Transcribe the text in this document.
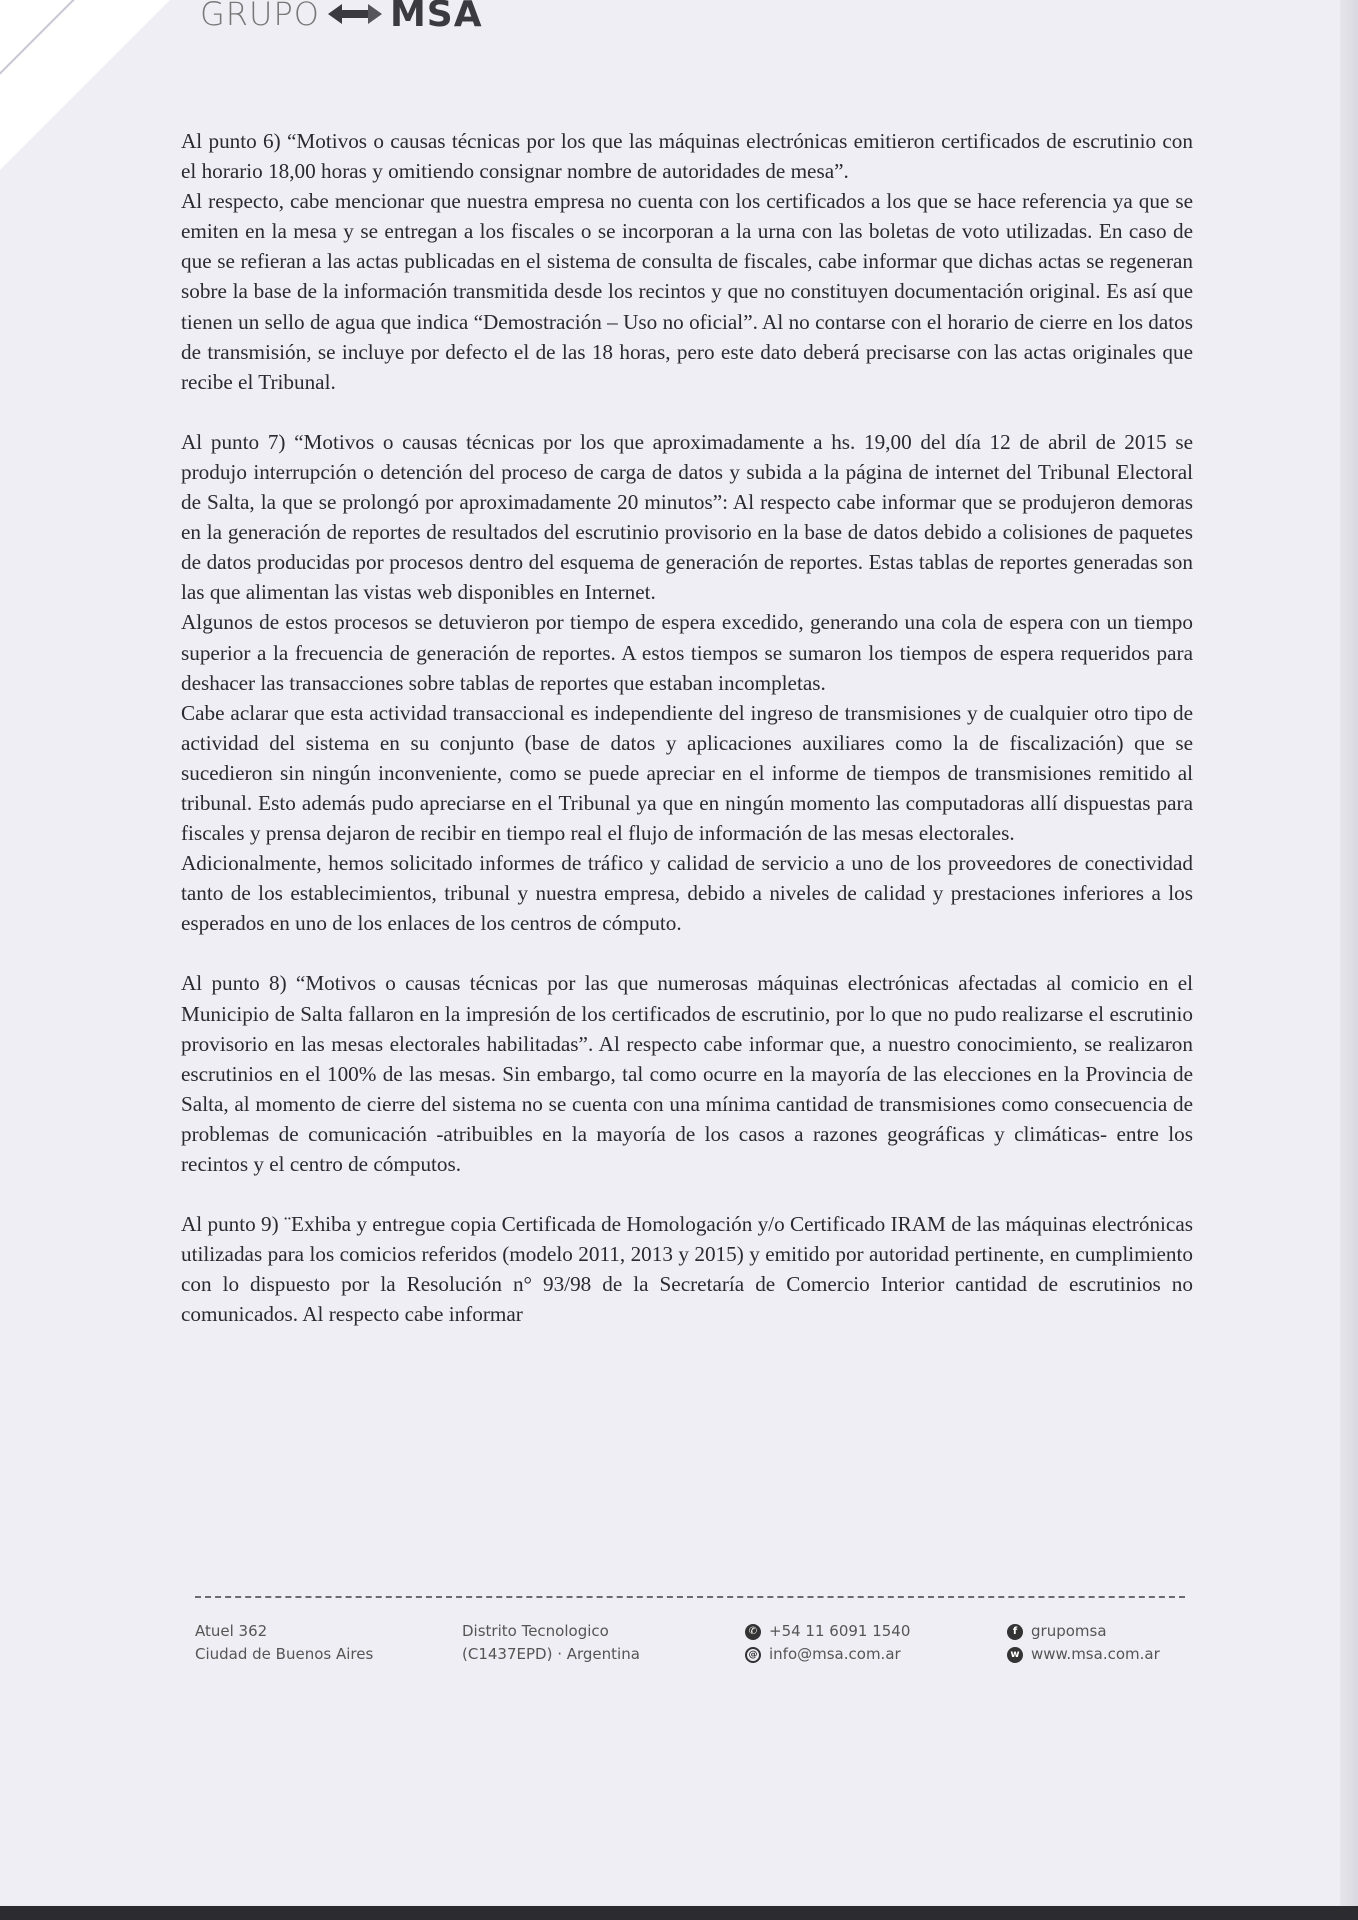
GRUPO MSA

Al punto 6) “Motivos o causas técnicas por los que las máquinas electrónicas emitieron certificados de escrutinio con el horario 18,00 horas y omitiendo consignar nombre de autoridades de mesa”.

Al respecto, cabe mencionar que nuestra empresa no cuenta con los certificados a los que se hace referencia ya que se emiten en la mesa y se entregan a los fiscales o se incorporan a la urna con las boletas de voto utilizadas. En caso de que se refieran a las actas publicadas en el sistema de consulta de fiscales, cabe informar que dichas actas se regeneran sobre la base de la información transmitida desde los recintos y que no constituyen documentación original. Es así que tienen un sello de agua que indica “Demostración – Uso no oficial”. Al no contarse con el horario de cierre en los datos de transmisión, se incluye por defecto el de las 18 horas, pero este dato deberá precisarse con las actas originales que recibe el Tribunal.

Al punto 7) “Motivos o causas técnicas por los que aproximadamente a hs. 19,00 del día 12 de abril de 2015 se produjo interrupción o detención del proceso de carga de datos y subida a la página de internet del Tribunal Electoral de Salta, la que se prolongó por aproximadamente 20 minutos”: Al respecto cabe informar que se produjeron demoras en la generación de reportes de resultados del escrutinio provisorio en la base de datos debido a colisiones de paquetes de datos producidas por procesos dentro del esquema de generación de reportes. Estas tablas de reportes generadas son las que alimentan las vistas web disponibles en Internet.

Algunos de estos procesos se detuvieron por tiempo de espera excedido, generando una cola de espera con un tiempo superior a la frecuencia de generación de reportes. A estos tiempos se sumaron los tiempos de espera requeridos para deshacer las transacciones sobre tablas de reportes que estaban incompletas.

Cabe aclarar que esta actividad transaccional es independiente del ingreso de transmisiones y de cualquier otro tipo de actividad del sistema en su conjunto (base de datos y aplicaciones auxiliares como la de fiscalización) que se sucedieron sin ningún inconveniente, como se puede apreciar en el informe de tiempos de transmisiones remitido al tribunal. Esto además pudo apreciarse en el Tribunal ya que en ningún momento las computadoras allí dispuestas para fiscales y prensa dejaron de recibir en tiempo real el flujo de información de las mesas electorales.

Adicionalmente, hemos solicitado informes de tráfico y calidad de servicio a uno de los proveedores de conectividad tanto de los establecimientos, tribunal y nuestra empresa, debido a niveles de calidad y prestaciones inferiores a los esperados en uno de los enlaces de los centros de cómputo.

Al punto 8) “Motivos o causas técnicas por las que numerosas máquinas electrónicas afectadas al comicio en el Municipio de Salta fallaron en la impresión de los certificados de escrutinio, por lo que no pudo realizarse el escrutinio provisorio en las mesas electorales habilitadas”. Al respecto cabe informar que, a nuestro conocimiento, se realizaron escrutinios en el 100% de las mesas. Sin embargo, tal como ocurre en la mayoría de las elecciones en la Provincia de Salta, al momento de cierre del sistema no se cuenta con una mínima cantidad de transmisiones como consecuencia de problemas de comunicación -atribuibles en la mayoría de los casos a razones geográficas y climáticas- entre los recintos y el centro de cómputos.

Al punto 9) ¨Exhiba y entregue copia Certificada de Homologación y/o Certificado IRAM de las máquinas electrónicas utilizadas para los comicios referidos (modelo 2011, 2013 y 2015) y emitido por autoridad pertinente, en cumplimiento con lo dispuesto por la Resolución n° 93/98 de la Secretaría de Comercio Interior cantidad de escrutinios no comunicados. Al respecto cabe informar

Atuel 362
Ciudad de Buenos Aires
Distrito Tecnologico
(C1437EPD) · Argentina
✆ +54 11 6091 1540
@ info@msa.com.ar
f grupomsa
w www.msa.com.ar
